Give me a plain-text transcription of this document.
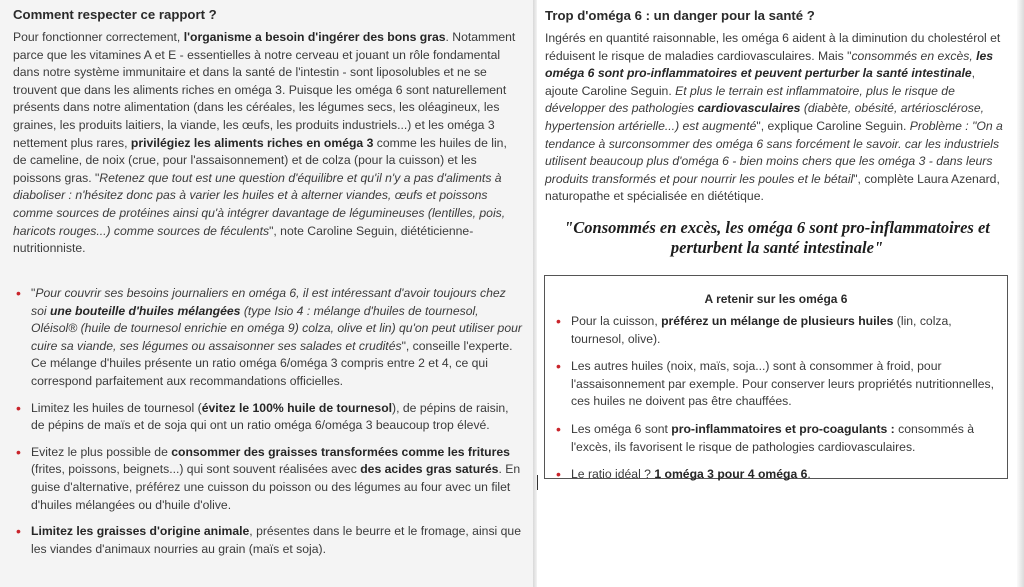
Comment respecter ce rapport ?
Pour fonctionner correctement, l'organisme a besoin d'ingérer des bons gras. Notamment parce que les vitamines A et E - essentielles à notre cerveau et jouant un rôle fondamental dans notre système immunitaire et dans la santé de l'intestin - sont liposolubles et ne se trouvent que dans les aliments riches en oméga 3. Puisque les oméga 6 sont naturellement présents dans notre alimentation (dans les céréales, les légumes secs, les oléagineux, les graines, les produits laitiers, la viande, les œufs, les produits industriels...) et les oméga 3 nettement plus rares, privilégiez les aliments riches en oméga 3 comme les huiles de lin, de cameline, de noix (crue, pour l'assaisonnement) et de colza (pour la cuisson) et les poissons gras. "Retenez que tout est une question d'équilibre et qu'il n'y a pas d'aliments à diaboliser : n'hésitez donc pas à varier les huiles et à alterner viandes, œufs et poissons comme sources de protéines ainsi qu'à intégrer davantage de légumineuses (lentilles, pois, haricots rouges...) comme sources de féculents", note Caroline Seguin, diététicienne-nutritionniste.
• "Pour couvrir ses besoins journaliers en oméga 6, il est intéressant d'avoir toujours chez soi une bouteille d'huiles mélangées (type Isio 4 : mélange d'huiles de tournesol, Oléisol® (huile de tournesol enrichie en oméga 9) colza, olive et lin) qu'on peut utiliser pour cuire sa viande, ses légumes ou assaisonner ses salades et crudités", conseille l'experte. Ce mélange d'huiles présente un ratio oméga 6/oméga 3 compris entre 2 et 4, ce qui correspond parfaitement aux recommandations officielles.
• Limitez les huiles de tournesol (évitez le 100% huile de tournesol), de pépins de raisin, de pépins de maïs et de soja qui ont un ratio oméga 6/oméga 3 beaucoup trop élevé.
• Evitez le plus possible de consommer des graisses transformées comme les fritures (frites, poissons, beignets...) qui sont souvent réalisées avec des acides gras saturés. En guise d'alternative, préférez une cuisson du poisson ou des légumes au four avec un filet d'huiles mélangées ou d'huile d'olive.
• Limitez les graisses d'origine animale, présentes dans le beurre et le fromage, ainsi que les viandes d'animaux nourries au grain (maïs et soja).
Trop d'oméga 6 : un danger pour la santé ?
Ingérés en quantité raisonnable, les oméga 6 aident à la diminution du cholestérol et réduisent le risque de maladies cardiovasculaires. Mais "consommés en excès, les oméga 6 sont pro-inflammatoires et peuvent perturber la santé intestinale, ajoute Caroline Seguin. Et plus le terrain est inflammatoire, plus le risque de développer des pathologies cardiovasculaires (diabète, obésité, artériosclérose, hypertension artérielle...) est augmenté", explique Caroline Seguin. Problème : "On a tendance à surconsommer des oméga 6 sans forcément le savoir. car les industriels utilisent beaucoup plus d'oméga 6 - bien moins chers que les oméga 3 - dans leurs produits transformés et pour nourrir les poules et le bétail", complète Laura Azenard, naturopathe et spécialisée en diététique.
"Consommés en excès, les oméga 6 sont pro-inflammatoires et perturbent la santé intestinale"
A retenir sur les oméga 6
• Pour la cuisson, préférez un mélange de plusieurs huiles (lin, colza, tournesol, olive).
• Les autres huiles (noix, maïs, soja...) sont à consommer à froid, pour l'assaisonnement par exemple. Pour conserver leurs propriétés nutritionnelles, ces huiles ne doivent pas être chauffées.
• Les oméga 6 sont pro-inflammatoires et pro-coagulants : consommés à l'excès, ils favorisent le risque de pathologies cardiovasculaires.
• Le ratio idéal ? 1 oméga 3 pour 4 oméga 6.
